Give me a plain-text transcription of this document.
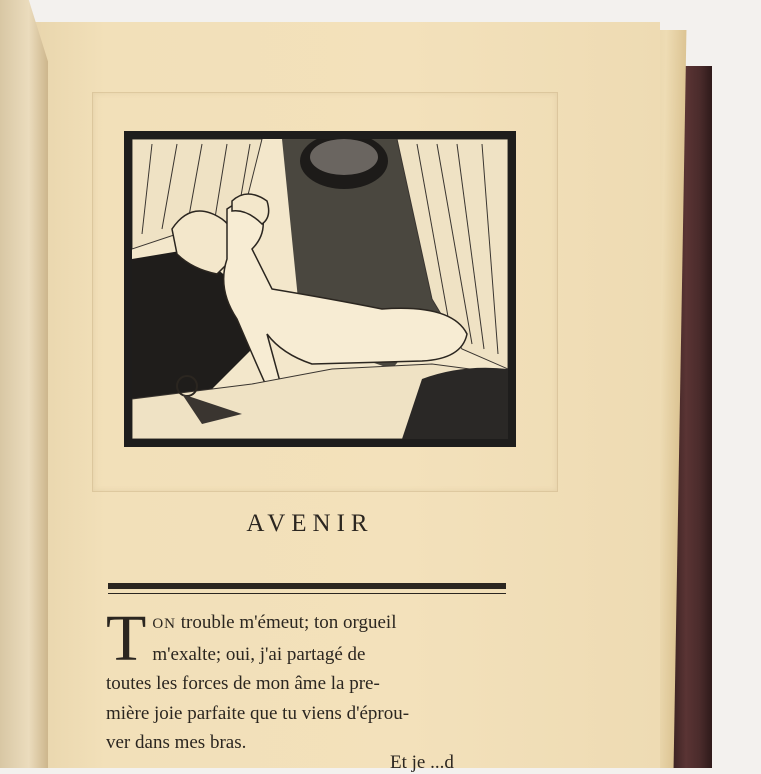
AVENIR
T ON trouble m'émeut; ton orgueil
m'exalte; oui, j'ai partagé de
toutes les forces de mon âme la pre-
mière joie parfaite que tu viens d'éprou-
ver dans mes bras.
Et je ...d
